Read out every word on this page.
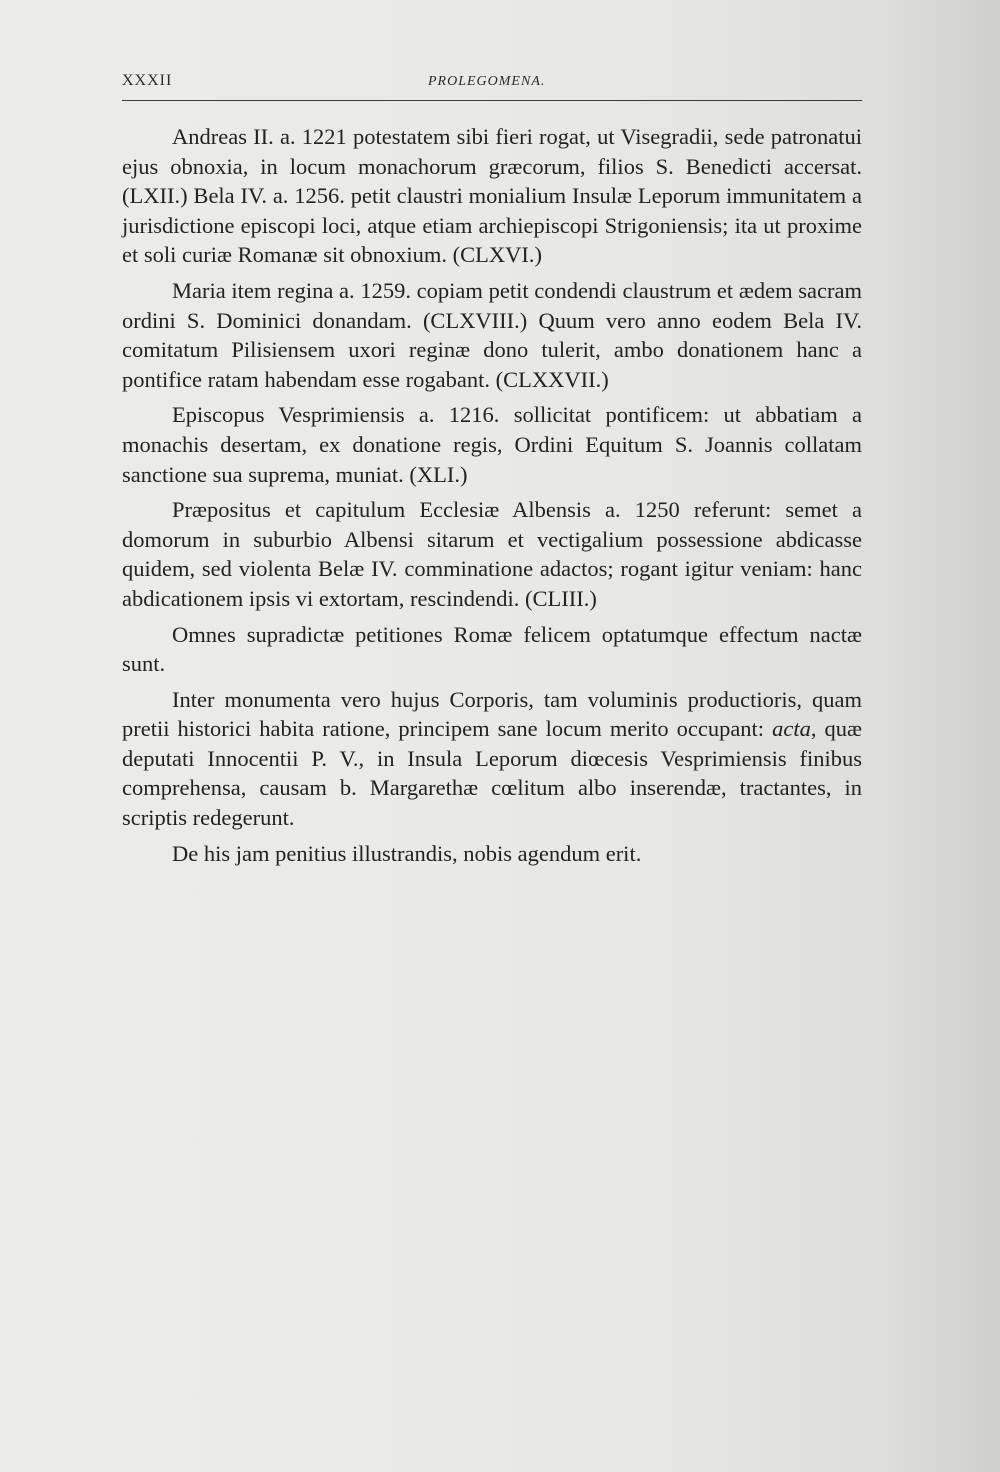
XXXII	PROLEGOMENA.

Andreas II. a. 1221 potestatem sibi fieri rogat, ut Visegradii, sede patronatui ejus obnoxia, in locum monachorum græcorum, filios S. Benedicti accersat. (LXII.) Bela IV. a. 1256. petit claustri monialium Insulæ Leporum immunitatem a jurisdictione episcopi loci, atque etiam archiepiscopi Strigoniensis; ita ut proxime et soli curiæ Romanæ sit obnoxium. (CLXVI.)

Maria item regina a. 1259. copiam petit condendi claustrum et ædem sacram ordini S. Dominici donandam. (CLXVIII.) Quum vero anno eodem Bela IV. comitatum Pilisiensem uxori reginæ dono tulerit, ambo donationem hanc a pontifice ratam habendam esse rogabant. (CLXXVII.)

Episcopus Vesprimiensis a. 1216. sollicitat pontificem: ut abbatiam a monachis desertam, ex donatione regis, Ordini Equitum S. Joannis collatam sanctione sua suprema, muniat. (XLI.)

Præpositus et capitulum Ecclesiæ Albensis a. 1250 referunt: semet a domorum in suburbio Albensi sitarum et vectigalium possessione abdicasse quidem, sed violenta Belæ IV. comminatione adactos; rogant igitur veniam: hanc abdicationem ipsis vi extortam, rescindendi. (CLIII.)

Omnes supradictæ petitiones Romæ felicem optatumque effectum nactæ sunt.

Inter monumenta vero hujus Corporis, tam voluminis productioris, quam pretii historici habita ratione, principem sane locum merito occupant: acta, quæ deputati Innocentii P. V., in Insula Leporum diœcesis Vesprimiensis finibus comprehensa, causam b. Margarethæ cœlitum albo inserendæ, tractantes, in scriptis redegerunt.

De his jam penitius illustrandis, nobis agendum erit.
